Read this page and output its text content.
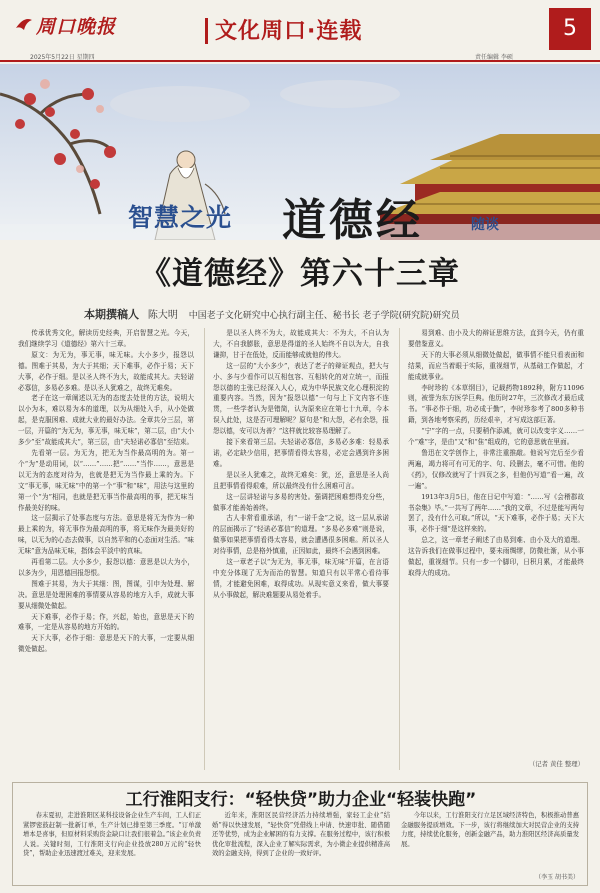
周口晚报
2025年5月22日 星期四
文化周口·连载
责任编辑 李硕
5
智慧之光 道德经	随谈
《道德经》第六十三章
本期撰稿人 陈大明 中国老子文化研究中心执行副主任、秘书长 老子学院(研究院)研究员

传承优秀文化，解读历史经典，开启智慧之光。今天，我们继续学习《道德经》第六十三章。

原文：为无为，事无事，味无味。大小多少，报怨以德。图难于其易，为大于其细；天下难事，必作于易；天下大事，必作于细。是以圣人终不为大，故能成其大。夫轻诺必寡信，多易必多难。是以圣人犹难之，故终无难矣。

老子在这一章阐述以无为的态度去处世的方法，说明大以小为本，难以易为本的道理，以为从细处入手，从小处做起，是克服困难、成就大业的最好办法。全章共分三层，第一层，开篇的“为无为，事无事，味无味”，第二层，由“大小多少”至“故能成其大”，第三层，由“夫轻诺必寡信”至结束。

先看第一层。为无为，把无为当作最高明的为。第一个“为”是动用词，以“……”……把“……”当作……，意思是以无为的态度对待为，也就是把无为当作最上乘的为。下文“事无事，味无味”中的第一个“事”和“味”，用法与这里的第一个“为”相同，也就是把无事当作最高明的事，把无味当作最美好的味。

这一层揭示了处事态度与方法。意思是将无为作为一种最上乘的为，将无事作为最高明的事，将无味作为最美好的味，以无为的心态去做事，以自然平和的心态面对生活。“味无味”意为品味无味，指体会平淡中的真味。

再看第二层。大小多少，报怨以德：意思是以大为小，以多为少，用恩德回报怨恨。

图难于其易，为大于其细：图，图谋，引申为处理、解决。意思是处理困难的事情要从容易的地方入手，成就大事要从细微处做起。

天下难事，必作于易；作，兴起，始也，意思是天下的难事，一定是从容易的地方开始的。

天下大事，必作于细：意思是天下的大事，一定要从细微处做起。

是以圣人终不为大，故能成其大：不为大，不自认为大，不自我膨胀，意思是得道的圣人始终不自以为大，自我谦抑，甘于在低处，反而能够成就他的伟大。

这一层的“大小多少”，表达了老子的辩证观点，把大与小、多与少看作可以互相包容、互相转化的对立统一，而报怨以德的主张已经深入人心，成为中华民族文化心理积淀的重要内容。当然，因为“报怨以德”一句与上下文内容不连贯，一些学者认为是错简，认为原来应在第七十九章，今本误入此处，这是否可理解呢？原句是“和大怨，必有余怨，报怨以德，安可以为善？”这样就比较容易理解了。

接下来看第三层。夫轻诺必寡信，多易必多难：轻易承诺，必定缺少信用，把事情看得太容易，必定会遇到许多困难。

是以圣人犹难之，故终无难矣：犹，还，意思是圣人尚且把事情看得艰难，所以最终没有什么困难可言。

这一层讲轻诺与多易的害处。强调把困难想得充分些，做事才能善始善终。

古人非常看重承诺，有“一诺千金”之说，这一层从承诺的层面揭示了“轻诺必寡信”的道理。“多易必多难”则是说，做事如果把事情看得太容易，就会遭遇很多困难。所以圣人对待事情，总是格外慎重，正因如此，最终不会遇到困难。

这一章老子以“为无为，事无事，味无味”开篇，在言语中充分体现了无为而治的智慧。知道只有以平常心看待事情，才能避免困难，取得成功。从现实意义来看，做大事要从小事做起，解决难题要从易处着手。

易到难、由小及大的辩证思维方法，直到今天，仍有重要借鉴意义。

天下的大事必须从细微处做起，做事情不能只看表面和结果，而应当着眼于实际，重视细节，从基础工作做起，才能成就事业。

李时珍的《本草纲目》，记载药物1892种，附方11096则，被誉为东方医学巨典。他历时27年，三次修改才最后成书。“事必作于细，功必成于勤”，李时珍参考了800多种书籍，到各地考察采药，历经艰辛，才写成这部巨著。

“宁”字的一点，只要稍作添减，就可以改变字义……一个“难”字，是由“又”和“隹”组成的，它的意思就在里面。

鲁迅在文学创作上，非常注重推敲。他说写完后至少看两遍，竭力将可有可无的字、句、段删去，毫不可惜。他的《药》，仅修改就写了十四页之多，但他仍写道“看一遍，改一遍”。

1913年3月5日，他在日记中写道：“……写《会稽郡故书杂集》毕。”一共写了两年……“我的文章，不过是能写两句罢了，没有什么可取。”所以，“天下难事，必作于易；天下大事，必作于细”是这样来的。

总之，这一章老子阐述了由易到难、由小及大的道理。这告诉我们在做事过程中，要未雨绸缪，防微杜渐，从小事做起，重视细节。只有一步一个脚印，日积月累，才能最终取得大的成功。

（记者 黄佳 整理）
工行淮阳支行：“轻快贷”助力企业“轻装快跑”

春末夏初，走进淮阳区某科技设备企业生产车间，工人们正紧锣密鼓赶制一批新订单，生产计划已排至第三季度。“订单激增本是喜事，但原材料采购资金缺口让我们很着急。”该企业负责人说。关键时刻，工行淮阳支行向企业投放280万元的“轻快贷”，帮助企业迅速渡过难关，迎来发展。

近年来，淮阳区民营经济活力持续增强，家轻工企业“结婚”得以快速发展，“轻快贷”凭借线上申请、快速审批、随借随还等优势，成为企业解困的有力支撑。在服务过程中，该行积极优化审批流程，深入企业了解实际需求，为小微企业提供精准高效的金融支持，得到了企业的一致好评。

今年以来，工行淮阳支行立足区域经济特色，积极推动普惠金融服务提质增效。下一步，该行将继续加大对民营企业的支持力度，持续优化服务，创新金融产品，助力淮阳区经济高质量发展。

（李玉 胡书美）
